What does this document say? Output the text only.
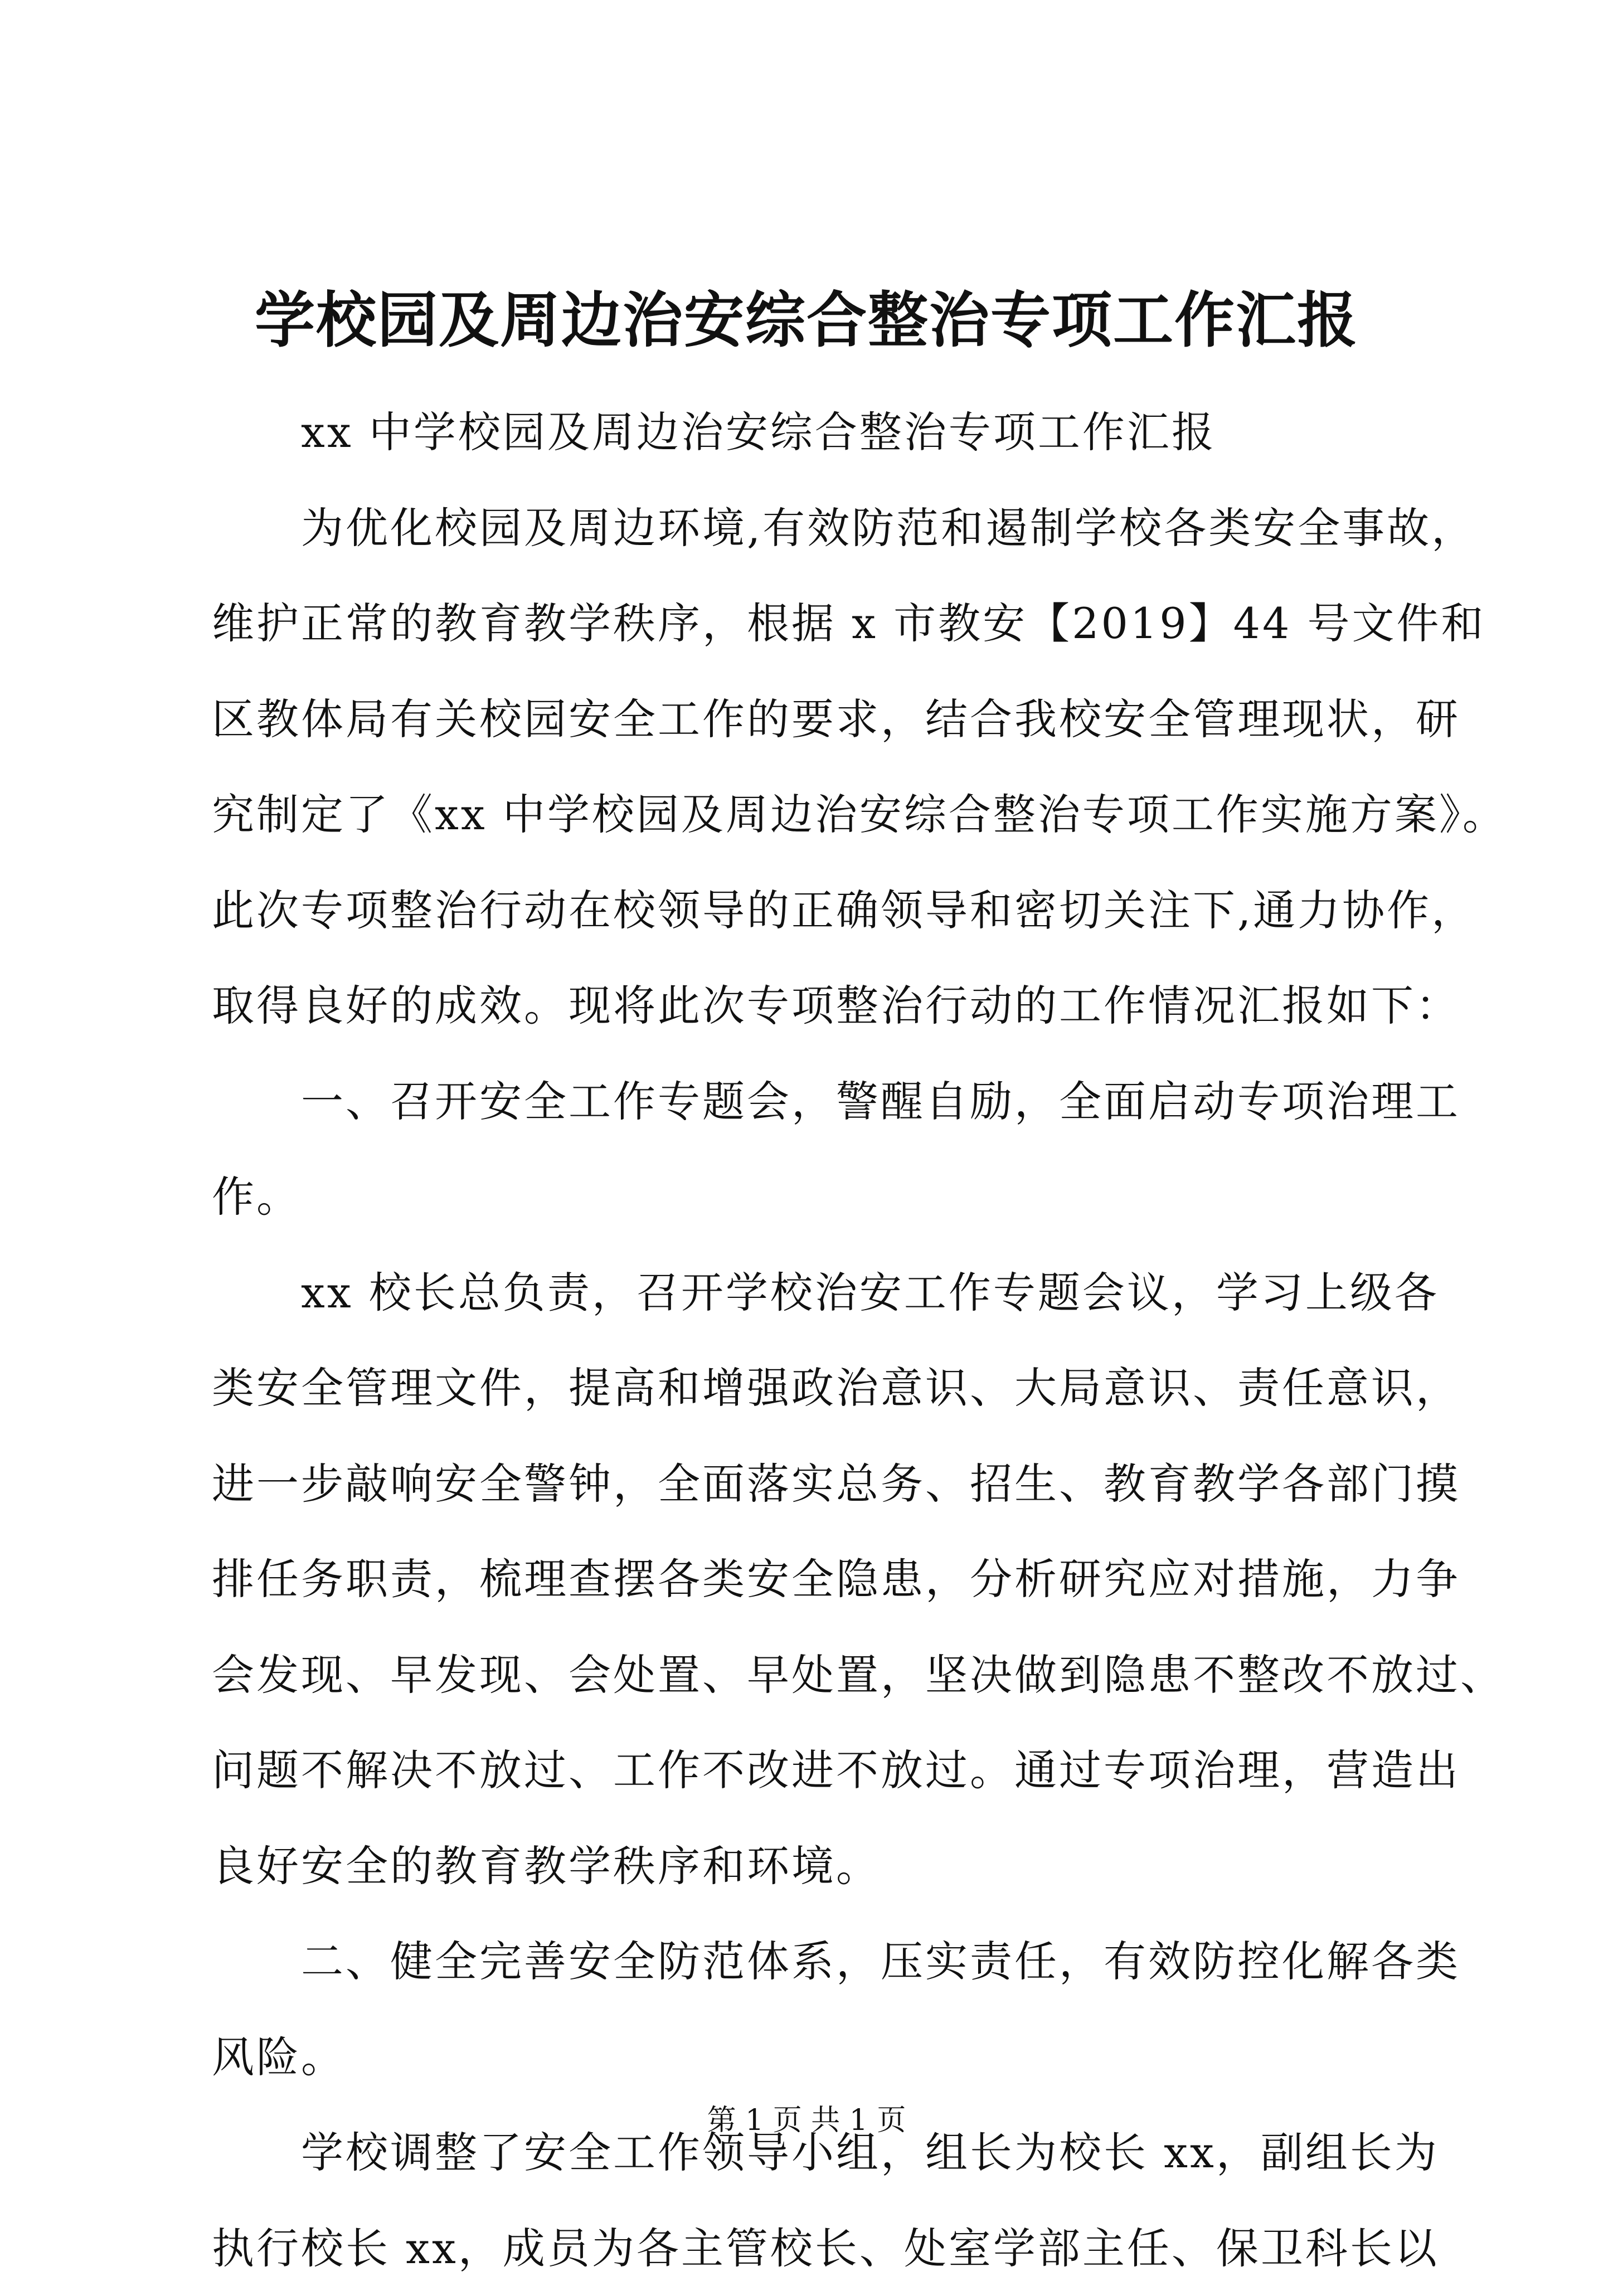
学校园及周边治安综合整治专项工作汇报
xx 中学校园及周边治安综合整治专项工作汇报
为优化校园及周边环境,有效防范和遏制学校各类安全事故，
维护正常的教育教学秩序，根据 x 市教安【2019】44 号文件和
区教体局有关校园安全工作的要求，结合我校安全管理现状，研
究制定了《xx 中学校园及周边治安综合整治专项工作实施方案》。
此次专项整治行动在校领导的正确领导和密切关注下,通力协作，
取得良好的成效。现将此次专项整治行动的工作情况汇报如下：
一、召开安全工作专题会，警醒自励，全面启动专项治理工
作。
xx 校长总负责，召开学校治安工作专题会议，学习上级各
类安全管理文件，提高和增强政治意识、大局意识、责任意识，
进一步敲响安全警钟，全面落实总务、招生、教育教学各部门摸
排任务职责，梳理查摆各类安全隐患，分析研究应对措施，力争
会发现、早发现、会处置、早处置，坚决做到隐患不整改不放过、
问题不解决不放过、工作不改进不放过。通过专项治理，营造出
良好安全的教育教学秩序和环境。
二、健全完善安全防范体系，压实责任，有效防控化解各类
风险。
学校调整了安全工作领导小组，组长为校长 xx，副组长为
执行校长 xx，成员为各主管校长、处室学部主任、保卫科长以
第 1 页 共 1 页
